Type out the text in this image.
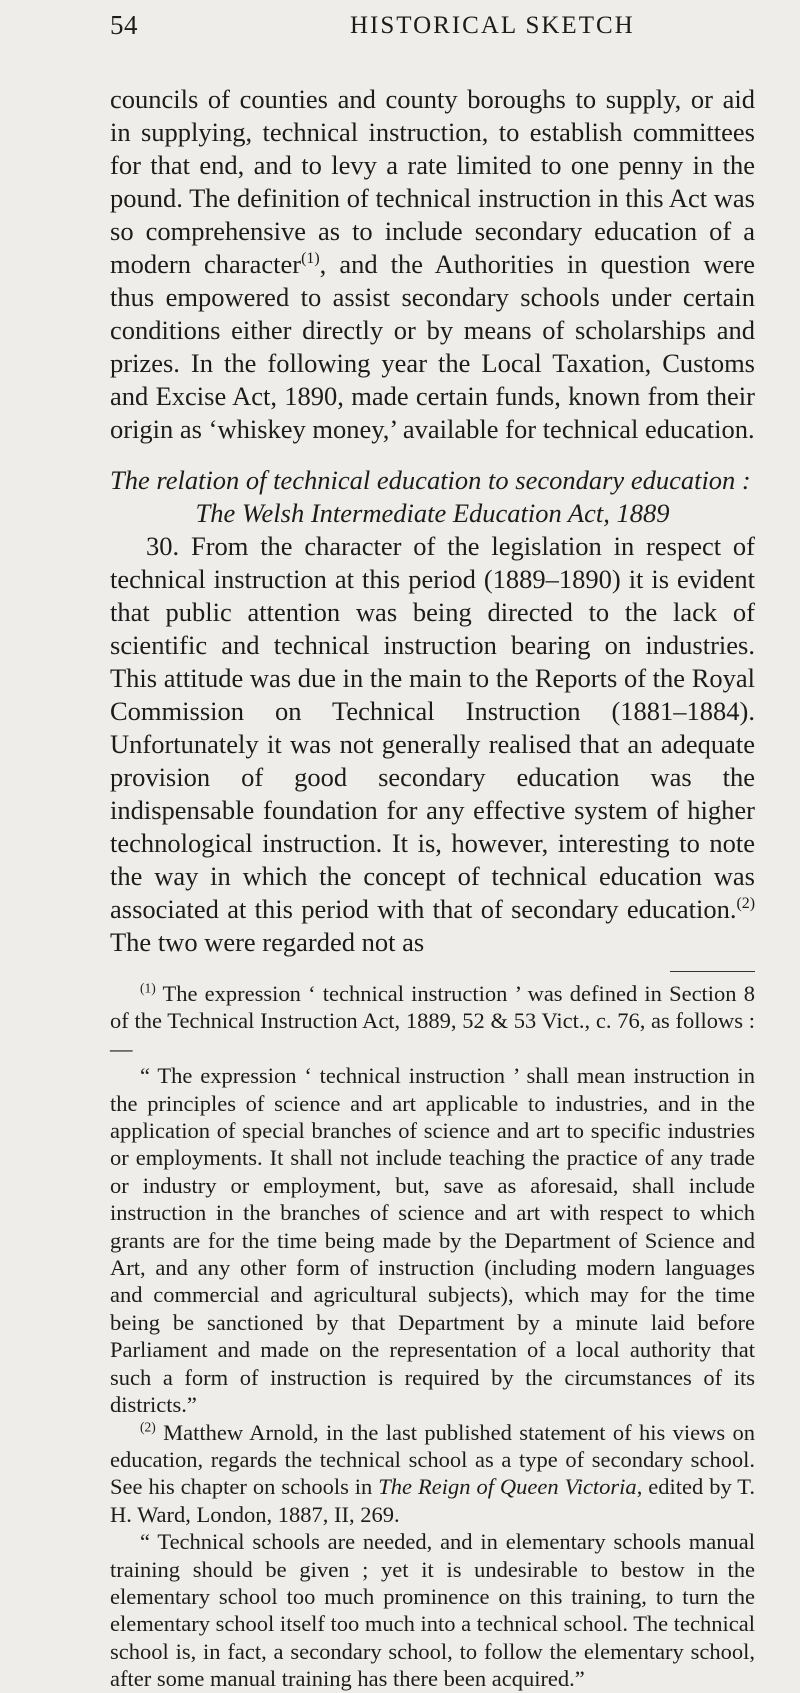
54	HISTORICAL SKETCH

councils of counties and county boroughs to supply, or aid in supplying, technical instruction, to establish committees for that end, and to levy a rate limited to one penny in the pound. The definition of technical instruction in this Act was so comprehensive as to include secondary education of a modern character$^{(1)}$, and the Authorities in question were thus empowered to assist secondary schools under certain conditions either directly or by means of scholarships and prizes. In the following year the Local Taxation, Customs and Excise Act, 1890, made certain funds, known from their origin as ‘whiskey money,’ available for technical education.

The relation of technical education to secondary education :
The Welsh Intermediate Education Act, 1889

30. From the character of the legislation in respect of technical instruction at this period (1889–1890) it is evident that public attention was being directed to the lack of scientific and technical instruction bearing on industries. This attitude was due in the main to the Reports of the Royal Commission on Technical Instruction (1881–1884). Unfortunately it was not generally realised that an adequate provision of good secondary education was the indispensable foundation for any effective system of higher technological instruction. It is, however, interesting to note the way in which the concept of technical education was associated at this period with that of secondary education.$^{(2)}$ The two were regarded not as

$^{(1)}$ The expression ‘ technical instruction ’ was defined in Section 8 of the Technical Instruction Act, 1889, 52 & 53 Vict., c. 76, as follows :—

“ The expression ‘ technical instruction ’ shall mean instruction in the principles of science and art applicable to industries, and in the application of special branches of science and art to specific industries or employments. It shall not include teaching the practice of any trade or industry or employment, but, save as aforesaid, shall include instruction in the branches of science and art with respect to which grants are for the time being made by the Department of Science and Art, and any other form of instruction (including modern languages and commercial and agricultural subjects), which may for the time being be sanctioned by that Department by a minute laid before Parliament and made on the representation of a local authority that such a form of instruction is required by the circumstances of its districts.”

$^{(2)}$ Matthew Arnold, in the last published statement of his views on education, regards the technical school as a type of secondary school. See his chapter on schools in The Reign of Queen Victoria, edited by T. H. Ward, London, 1887, II, 269.

“ Technical schools are needed, and in elementary schools manual training should be given ; yet it is undesirable to bestow in the elementary school too much prominence on this training, to turn the elementary school itself too much into a technical school. The technical school is, in fact, a secondary school, to follow the elementary school, after some manual training has there been acquired.”
